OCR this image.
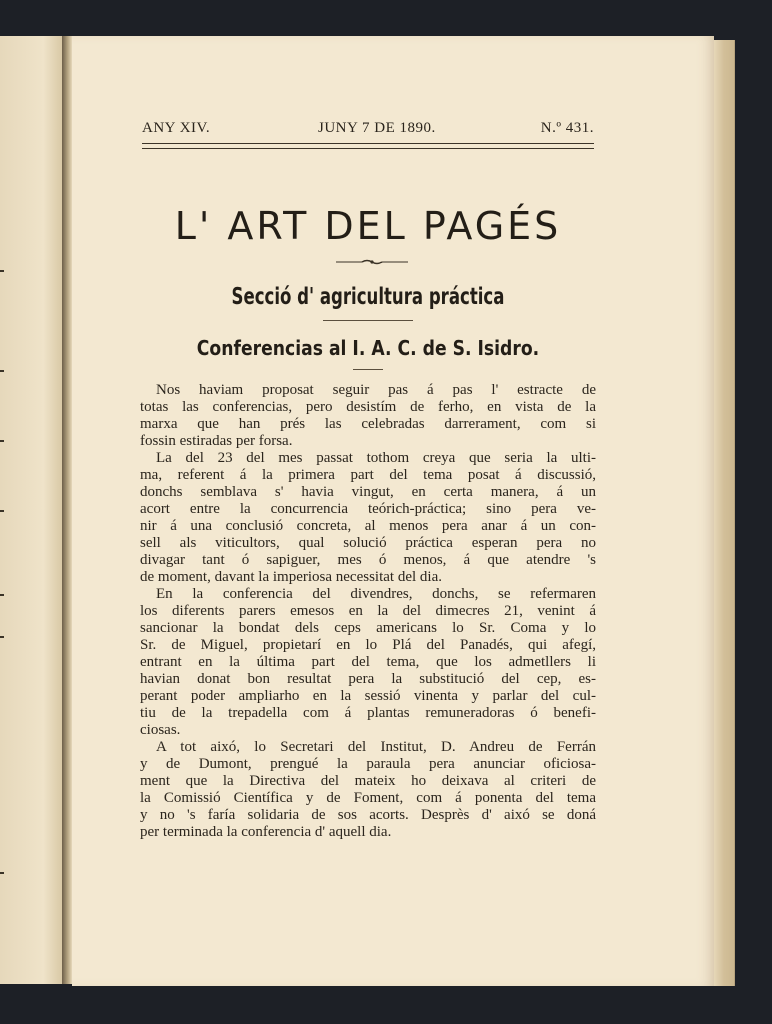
ANY XIV.	JUNY 7 DE 1890.	N.º 431.
L' ART DEL PAGÉS
Secció d' agricultura práctica
Conferencias al I. A. C. de S. Isidro.
Nos haviam proposat seguir pas á pas l' estracte de
totas las conferencias, pero desistím de ferho, en vista de la
marxa que han prés las celebradas darrerament, com si
fossin estiradas per forsa.
La del 23 del mes passat tothom creya que seria la ulti-
ma, referent á la primera part del tema posat á discussió,
donchs semblava s' havia vingut, en certa manera, á un
acort entre la concurrencia teórich-práctica; sino pera ve-
nir á una conclusió concreta, al menos pera anar á un con-
sell als viticultors, qual solució práctica esperan pera no
divagar tant ó sapiguer, mes ó menos, á que atendre 's
de moment, davant la imperiosa necessitat del dia.
En la conferencia del divendres, donchs, se refermaren
los diferents parers emesos en la del dimecres 21, venint á
sancionar la bondat dels ceps americans lo Sr. Coma y lo
Sr. de Miguel, propietarí en lo Plá del Panadés, qui afegí,
entrant en la última part del tema, que los admetllers li
havian donat bon resultat pera la substitució del cep, es-
perant poder ampliarho en la sessió vinenta y parlar del cul-
tiu de la trepadella com á plantas remuneradoras ó benefi-
ciosas.
A tot aixó, lo Secretari del Institut, D. Andreu de Ferrán
y de Dumont, prengué la paraula pera anunciar oficiosa-
ment que la Directiva del mateix ho deixava al criteri de
la Comissió Científica y de Foment, com á ponenta del tema
y no 's faría solidaria de sos acorts. Desprès d' aixó se doná
per terminada la conferencia d' aquell dia.
